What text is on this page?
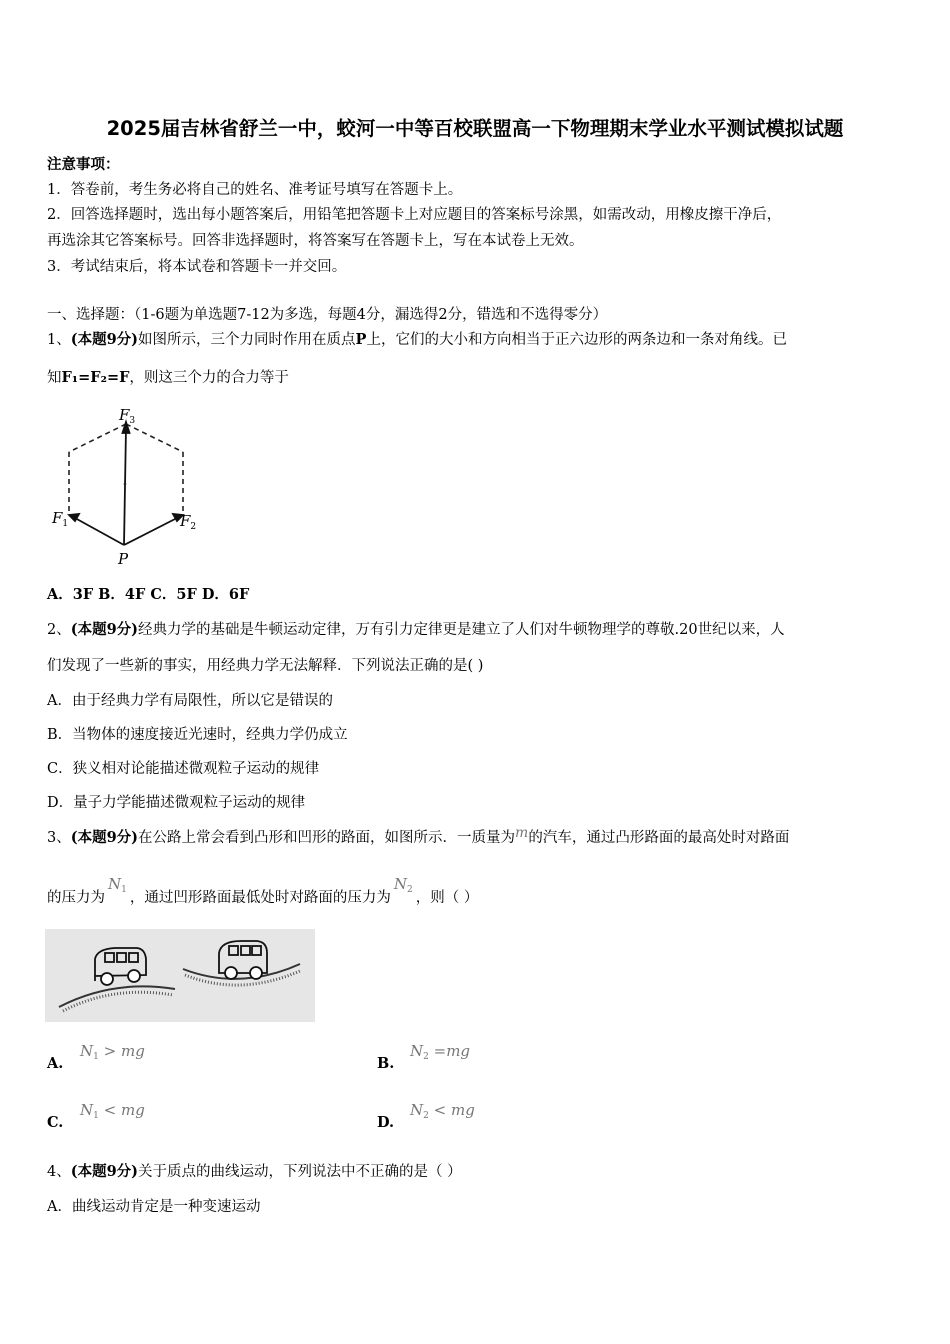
2025届吉林省舒兰一中，蛟河一中等百校联盟高一下物理期末学业水平测试模拟试题
注意事项：
1．答卷前，考生务必将自己的姓名、准考证号填写在答题卡上。
2．回答选择题时，选出每小题答案后，用铅笔把答题卡上对应题目的答案标号涂黑，如需改动，用橡皮擦干净后，
再选涂其它答案标号。回答非选择题时，将答案写在答题卡上，写在本试卷上无效。
3．考试结束后，将本试卷和答题卡一并交回。
一、选择题：（1-6题为单选题7-12为多选，每题4分，漏选得2分，错选和不选得零分）
1、(本题9分)如图所示，三个力同时作用在质点P上，它们的大小和方向相当于正六边形的两条边和一条对角线。已
知F₁=F₂=F，则这三个力的合力等于
$F_3$
$F_1$	$F_2$
P
A．3F B．4F C．5F D．6F
2、(本题9分)经典力学的基础是牛顿运动定律，万有引力定律更是建立了人们对牛顿物理学的尊敬.20世纪以来，人
们发现了一些新的事实，用经典力学无法解释．下列说法正确的是( )
A．由于经典力学有局限性，所以它是错误的
B．当物体的速度接近光速时，经典力学仍成立
C．狭义相对论能描述微观粒子运动的规律
D．量子力学能描述微观粒子运动的规律
3、(本题9分)在公路上常会看到凸形和凹形的路面，如图所示．一质量为m的汽车，通过凸形路面的最高处时对路面
的压力为$N_1$ ，通过凹形路面最低处时对路面的压力为$N_2$ ，则（ ）
A.
$N_1$ > mg
B.
$N_2 =mg$
C.
$N_1$ < mg
D.
$N_2$ < mg
4、(本题9分)关于质点的曲线运动，下列说法中不正确的是（ ）
A．曲线运动肯定是一种变速运动
